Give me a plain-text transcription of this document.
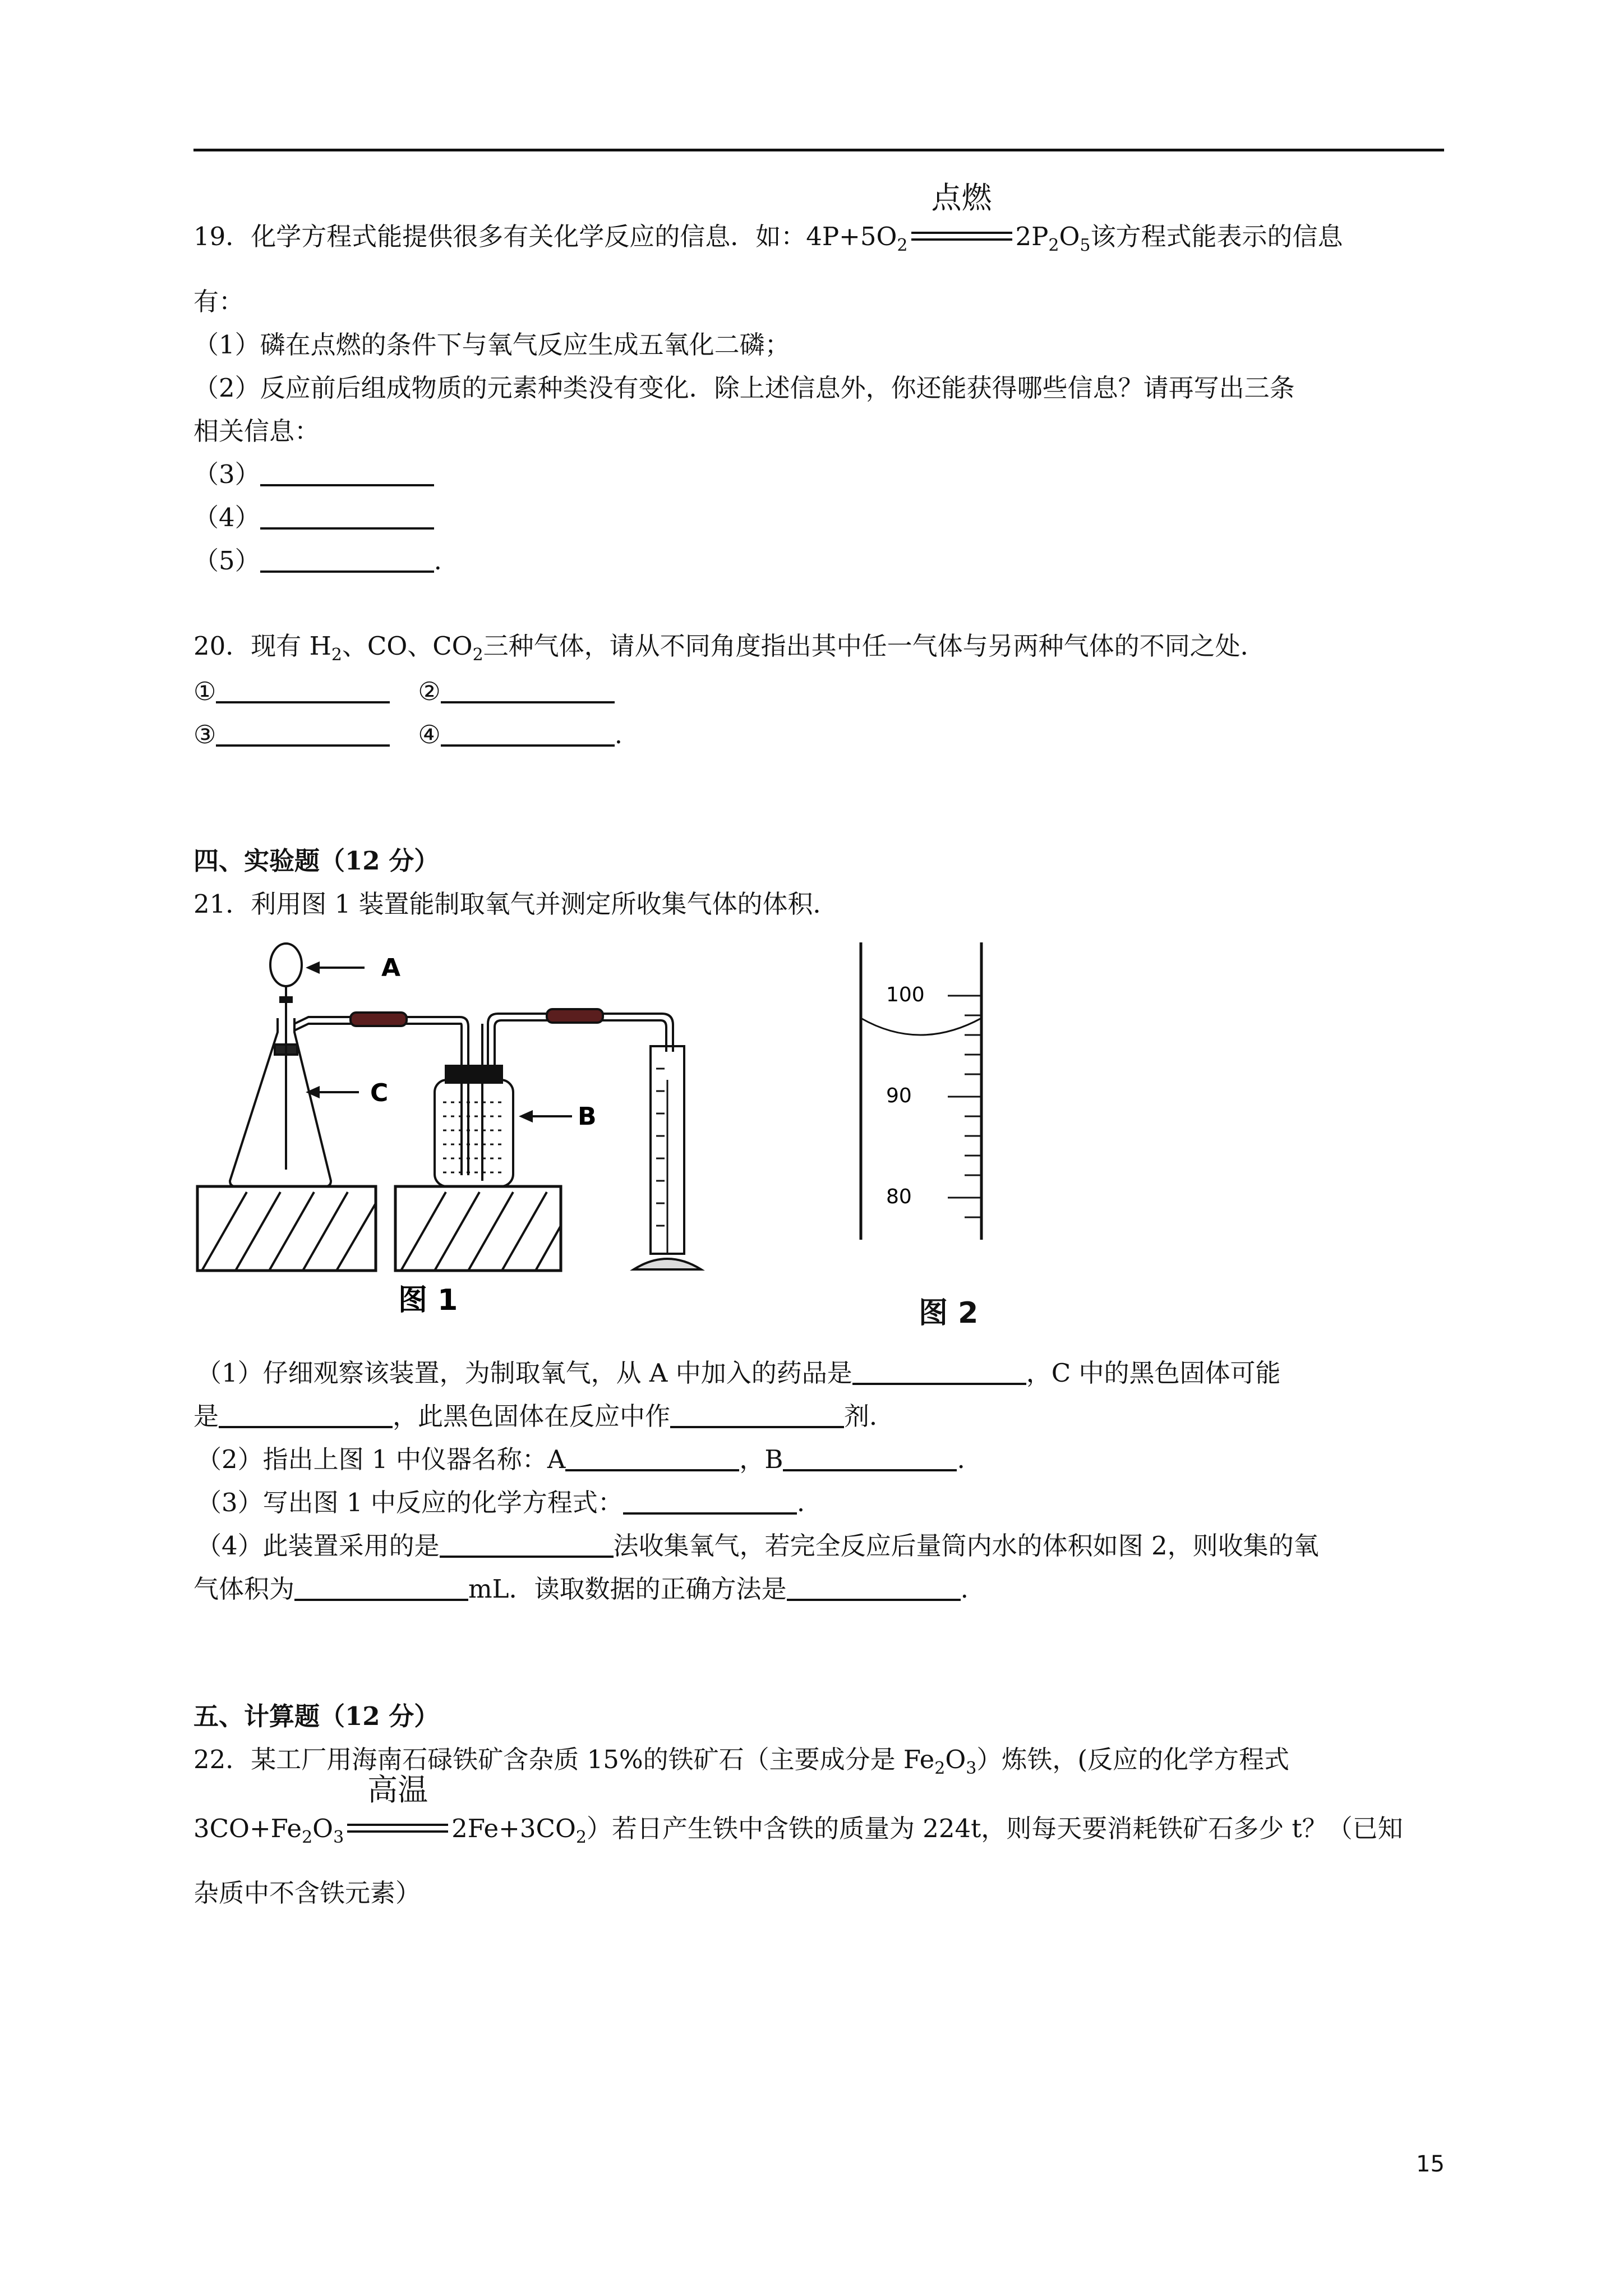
19．化学方程式能提供很多有关化学反应的信息．如：$4P+5O_2$
点燃
$2P_2O_5$该方程式能表示的信息
有：
（1）磷在点燃的条件下与氧气反应生成五氧化二磷；
（2）反应前后组成物质的元素种类没有变化．除上述信息外，你还能获得哪些信息？请再写出三条
相关信息：
（3）
（4）
（5）	.
20．现有 $H_2$、CO、$CO_2$三种气体，请从不同角度指出其中任一气体与另两种气体的不同之处．
①	②
③	④	.
四、实验题（12 分）
21．利用图 1 装置能制取氧气并测定所收集气体的体积．
A
C
B
图 1
100
90
80
图 2
（1）仔细观察该装置，为制取氧气，从 A 中加入的药品是	，C 中的黑色固体可能
是	，此黑色固体在反应中作	剂．
（2）指出上图 1 中仪器名称：A	，B	.
（3）写出图 1 中反应的化学方程式：	.
（4）此装置采用的是	法收集氧气，若完全反应后量筒内水的体积如图 2，则收集的氧
气体积为	mL．读取数据的正确方法是	.
五、计算题（12 分）
22．某工厂用海南石碌铁矿含杂质 15%的铁矿石（主要成分是 $Fe_2O_3$）炼铁，(反应的化学方程式
$3CO+Fe_2O_3$
高温
$2Fe+3CO_2$）若日产生铁中含铁的质量为 224t，则每天要消耗铁矿石多少 t？（已知
杂质中不含铁元素）
15
